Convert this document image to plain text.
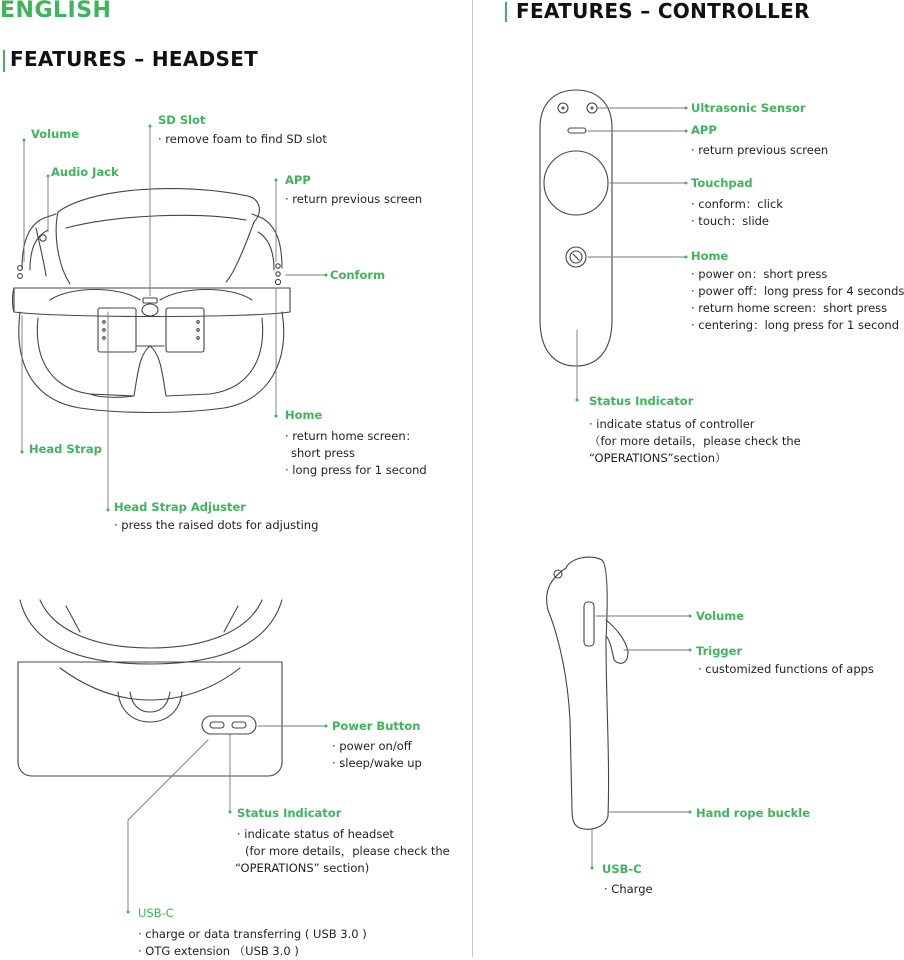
ENGLISH
FEATURES – HEADSET
FEATURES – CONTROLLER
Volume
Audio Jack
SD Slot
· remove foam to find SD slot
APP
· return previous screen
Conform
Home
· return home screen：
short press
· long press for 1 second
Head Strap
Head Strap Adjuster
· press the raised dots for adjusting
Power Button
· power on/off
· sleep/wake up
Status Indicator
· indicate status of headset
(for more details，please check the
“OPERATIONS” section)
USB-C
· charge or data transferring ( USB 3.0 )
· OTG extension （USB 3.0 )
Ultrasonic Sensor
APP
· return previous screen
Touchpad
· conform：click
· touch：slide
Home
· power on：short press
· power off：long press for 4 seconds
· return home screen：short press
· centering：long press for 1 second
Status Indicator
· indicate status of controller
（for more details，please check the
“OPERATIONS”section）
Volume
Trigger
· customized functions of apps
Hand rope buckle
USB-C
· Charge
